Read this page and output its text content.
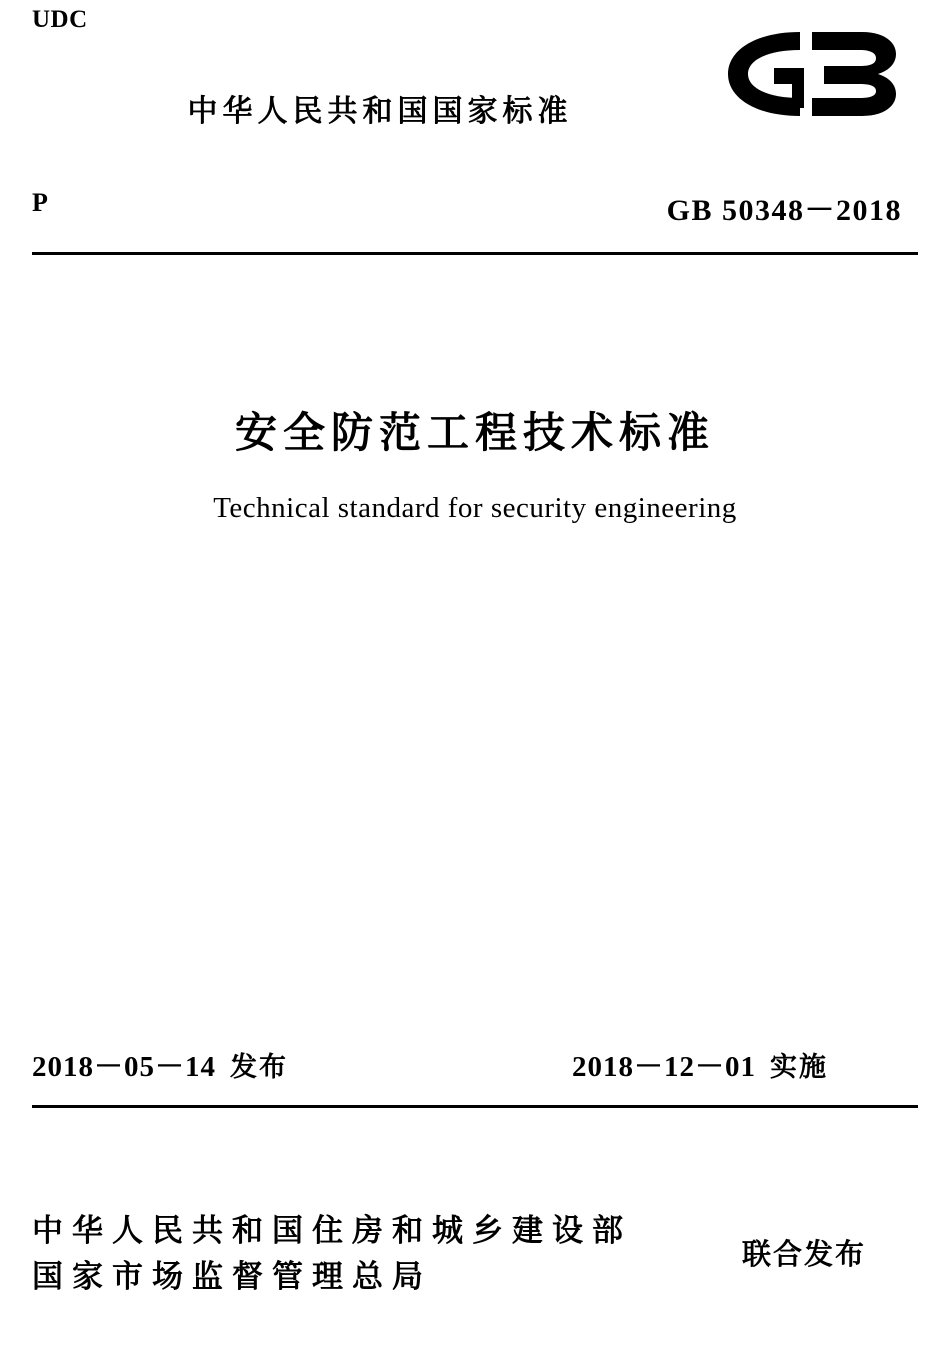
UDC
中华人民共和国国家标准
P	GB 50348－2018
安全防范工程技术标准
Technical standard for security engineering
2018－05－14 发布	2018－12－01 实施
中华人民共和国住房和城乡建设部
国家市场监督管理总局
联合发布
